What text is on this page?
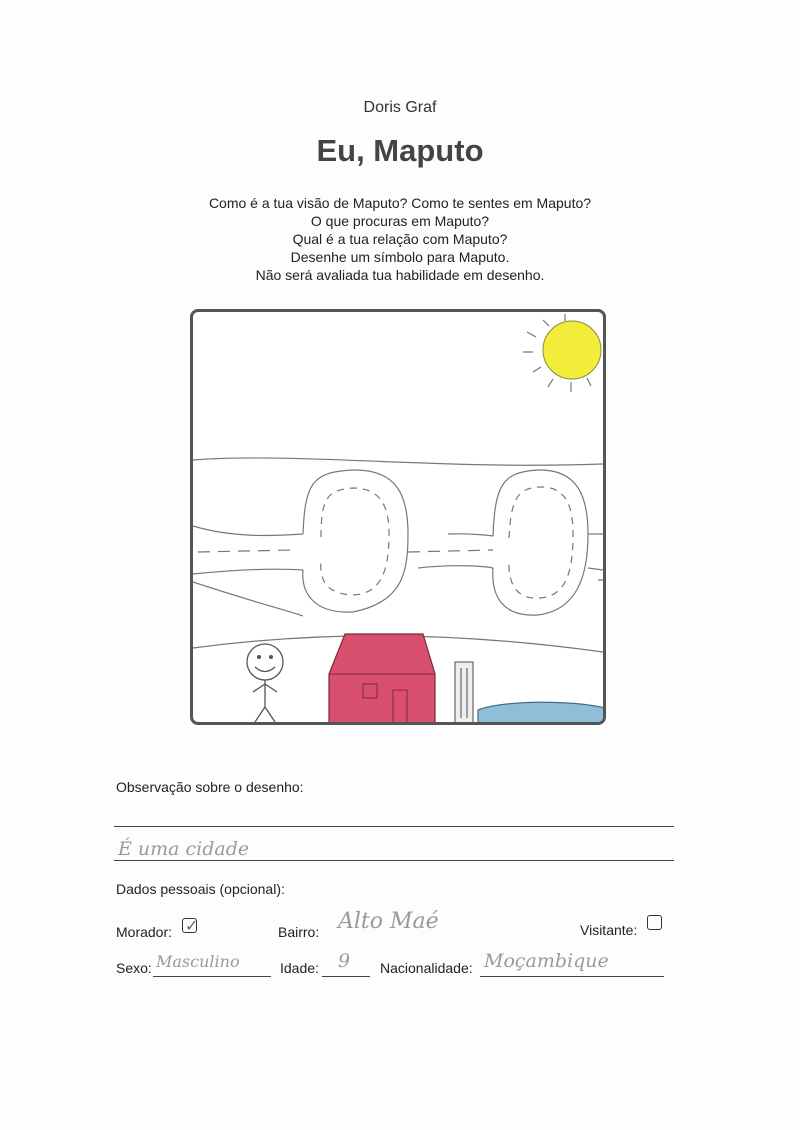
Doris Graf
Eu, Maputo
Como é a tua visão de Maputo? Como te sentes em Maputo?
O que procuras em Maputo?
Qual é a tua relação com Maputo?
Desenhe um símbolo para Maputo.
Não será avaliada tua habilidade em desenho.
Observação sobre o desenho:
É uma cidade
Dados pessoais (opcional):
Morador: ✓	Bairro: Alto Maé	Visitante:
Sexo: Masculino	Idade: 9 Nacionalidade: Moçambique
